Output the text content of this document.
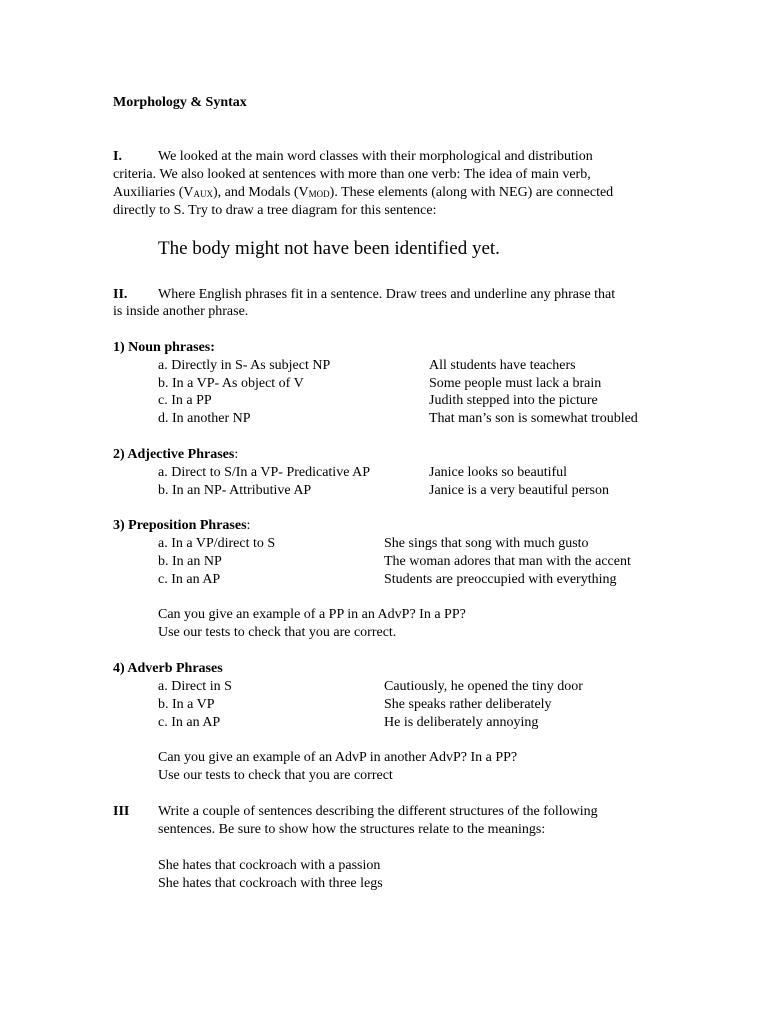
Morphology & Syntax
I.	We looked at the main word classes with their morphological and distribution
criteria. We also looked at sentences with more than one verb: The idea of main verb,
Auxiliaries $(V_{AUX})$, and Modals $(V_{MOD})$. These elements (along with NEG) are connected
directly to S. Try to draw a tree diagram for this sentence:
The body might not have been identified yet.
II. Where English phrases fit in a sentence. Draw trees and underline any phrase that
is inside another phrase.
1) Noun phrases:
a. Directly in S- As subject NP	All students have teachers
b. In a VP- As object of V	Some people must lack a brain
c. In a PP	Judith stepped into the picture
d. In another NP	That man’s son is somewhat troubled
2) Adjective Phrases:
a. Direct to S/In a VP- Predicative AP	Janice looks so beautiful
b. In an NP- Attributive AP	Janice is a very beautiful person
3) Preposition Phrases:
a. In a VP/direct to S	She sings that song with much gusto
b. In an NP	The woman adores that man with the accent
c. In an AP	Students are preoccupied with everything
Can you give an example of a PP in an AdvP? In a PP?
Use our tests to check that you are correct.
4) Adverb Phrases
a. Direct in S	Cautiously, he opened the tiny door
b. In a VP	She speaks rather deliberately
c. In an AP	He is deliberately annoying
Can you give an example of an AdvP in another AdvP? In a PP?
Use our tests to check that you are correct
III Write a couple of sentences describing the different structures of the following
sentences. Be sure to show how the structures relate to the meanings:
She hates that cockroach with a passion
She hates that cockroach with three legs
